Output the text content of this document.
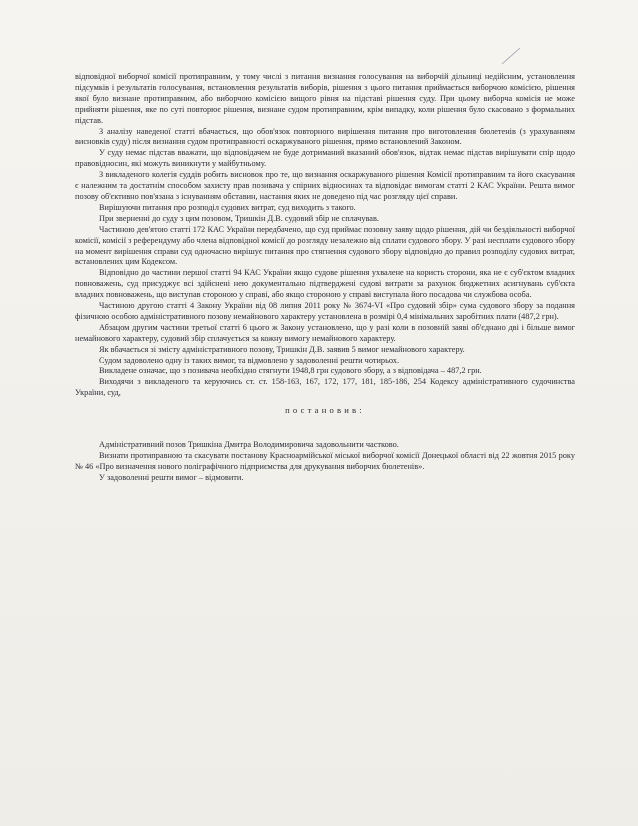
відповідної виборчої комісії протиправним, у тому числі з питання визнання голосування на виборчій дільниці недійсним, установлення підсумків і результатів голосування, встановлення результатів виборів, рішення з цього питання приймається виборчою комісією, рішення якої було визнане протиправним, або виборчою комісією вищого рівня на підставі рішення суду. При цьому виборча комісія не може прийняти рішення, яке по суті повторює рішення, визнане судом протиправним, крім випадку, коли рішення було скасовано з формальних підстав.

З аналізу наведеної статті вбачається, що обов'язок повторного вирішення питання про виготовлення бюлетенів (з урахуванням висновків суду) після визнання судом протиправності оскаржуваного рішення, прямо встановлений Законом.

У суду немає підстав вважати, що відповідачем не буде дотриманий вказаний обов'язок, відтак немає підстав вирішувати спір щодо правовідносин, які можуть виникнути у майбутньому.

З викладеного колегія суддів робить висновок про те, що визнання оскаржуваного рішення Комісії протиправним та його скасування є належним та достатнім способом захисту прав позивача у спірних відносинах та відповідає вимогам статті 2 КАС України. Решта вимог позову об'єктивно пов'язана з існуванням обставин, настання яких не доведено під час розгляду цієї справи.

Вирішуючи питання про розподіл судових витрат, суд виходить з такого.

При зверненні до суду з цим позовом, Тришкін Д.В. судовий збір не сплачував.

Частиною дев'ятою статті 172 КАС України передбачено, що суд приймає позовну заяву щодо рішення, дій чи бездіяльності виборчої комісії, комісії з референдуму або члена відповідної комісії до розгляду незалежно від сплати судового збору. У разі несплати судового збору на момент вирішення справи суд одночасно вирішує питання про стягнення судового збору відповідно до правил розподілу судових витрат, встановлених цим Кодексом.

Відповідно до частини першої статті 94 КАС України якщо судове рішення ухвалене на користь сторони, яка не є суб'єктом владних повноважень, суд присуджує всі здійснені нею документально підтверджені судові витрати за рахунок бюджетних асигнувань суб'єкта владних повноважень, що виступав стороною у справі, або якщо стороною у справі виступала його посадова чи службова особа.

Частиною другою статті 4 Закону України від 08 липня 2011 року № 3674-VI «Про судовий збір» сума судового збору за подання фізичною особою адміністративного позову немайнового характеру установлена в розмірі 0,4 мінімальних заробітних плати (487,2 грн).

Абзацом другим частини третьої статті 6 цього ж Закону установлено, що у разі коли в позовній заяві об'єднано дві і більше вимог немайнового характеру, судовий збір сплачується за кожну вимогу немайнового характеру.

Як вбачається зі змісту адміністративного позову, Тришкін Д.В. заявив 5 вимог немайнового характеру.

Судом задоволено одну із таких вимог, та відмовлено у задоволенні решти чотирьох.

Викладене означає, що з позивача необхідно стягнути 1948,8 грн судового збору, а з відповідача – 487,2 грн.

Виходячи з викладеного та керуючись ст. ст. 158-163, 167, 172, 177, 181, 185-186, 254 Кодексу адміністративного судочинства України, суд,

постановив:

Адміністративний позов Тришкіна Дмитра Володимировича задовольнити частково.

Визнати протиправною та скасувати постанову Красноармійської міської виборчої комісії Донецької області від 22 жовтня 2015 року № 46 «Про визначення нового поліграфічного підприємства для друкування виборчих бюлетенів».

У задоволенні решти вимог – відмовити.
